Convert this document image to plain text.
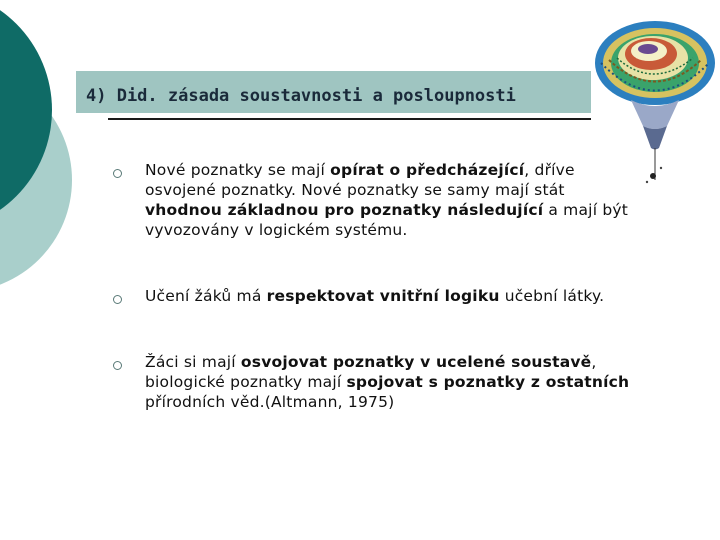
4) Did. zásada soustavnosti a posloupnosti
Nové poznatky se mají opírat o předcházející, dříve osvojené poznatky. Nové poznatky se samy mají stát vhodnou základnou pro poznatky následující a mají být vyvozovány v logickém systému.
Učení žáků má respektovat vnitřní logiku učební látky.
Žáci si mají osvojovat poznatky v ucelené soustavě, biologické poznatky mají spojovat s poznatky z ostatních přírodních věd.(Altmann, 1975)
